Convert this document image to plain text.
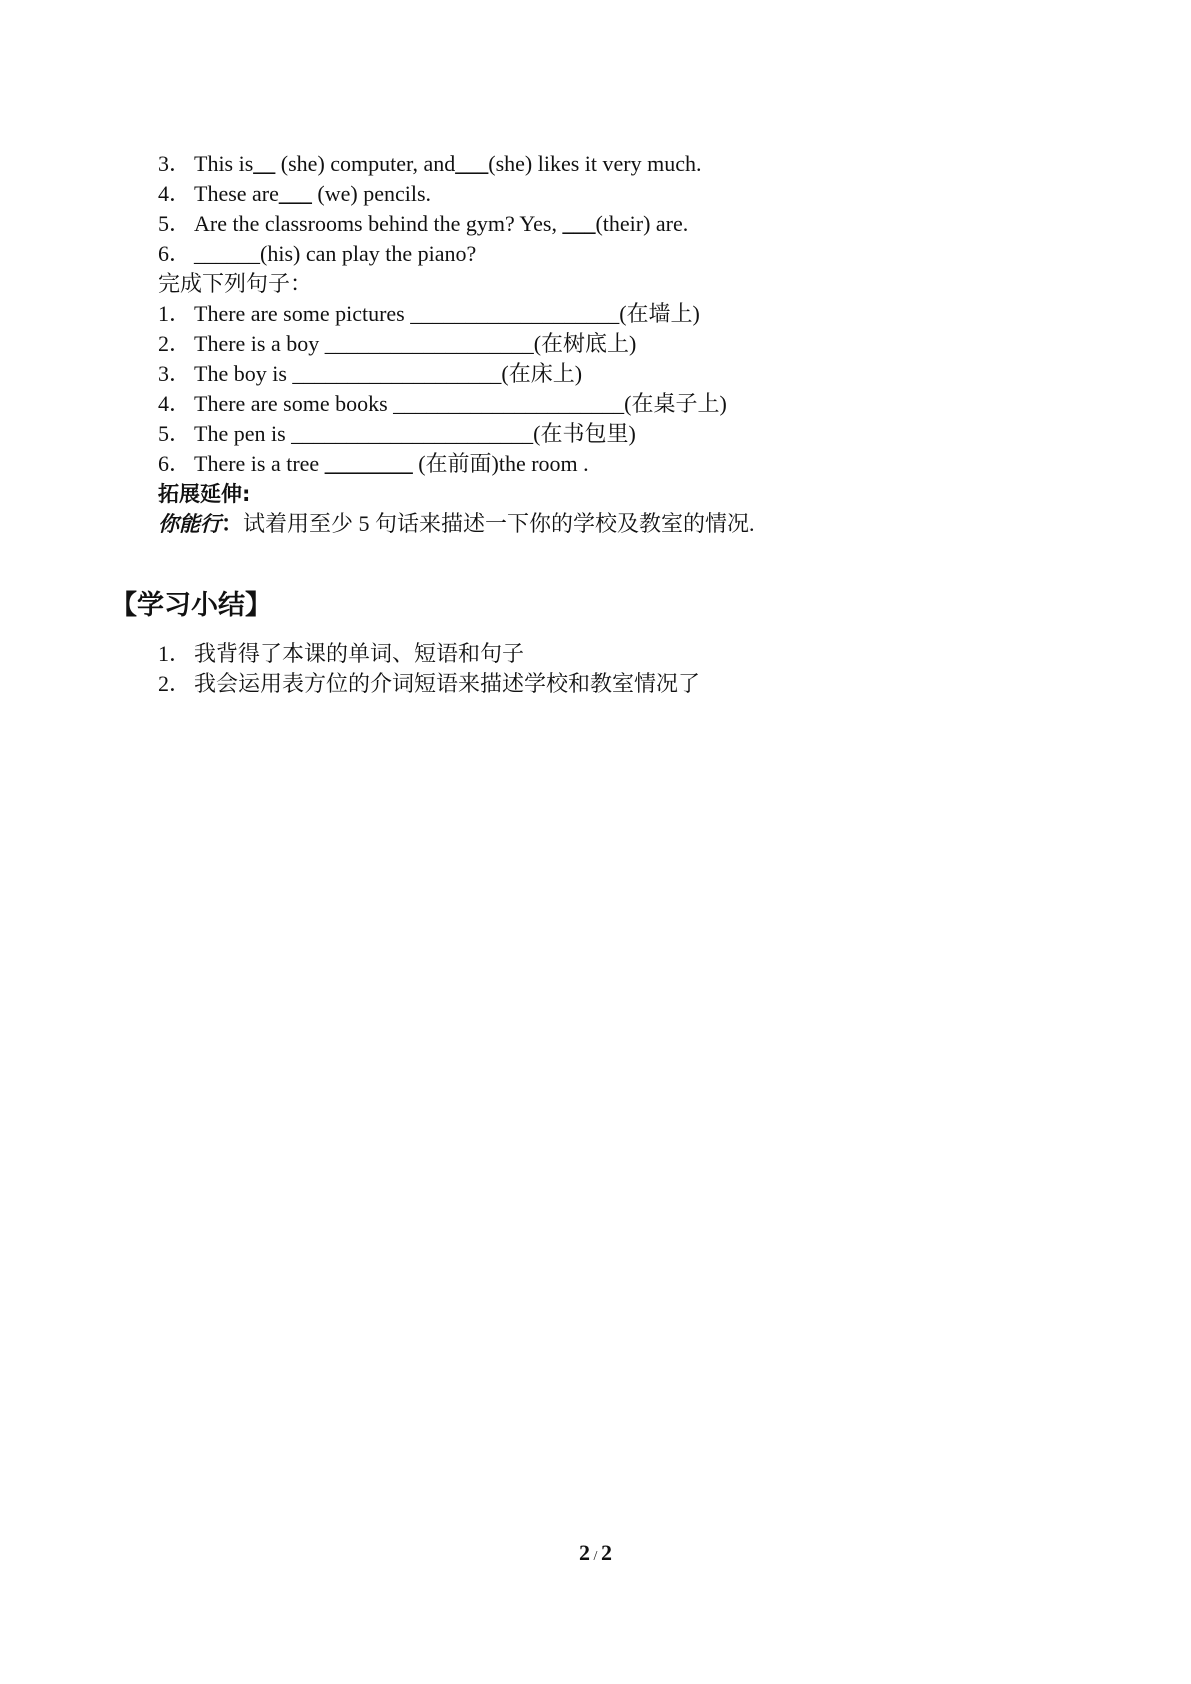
3． This is__ (she) computer, and___(she) likes it very much.
4． These are___ (we) pencils.
5． Are the classrooms behind the gym? Yes, ___(their) are.
6． ______(his) can play the piano?
完成下列句子：
1． There are some pictures ___________________(在墙上)
2． There is a boy ___________________(在树底上)
3． The boy is ___________________(在床上)
4． There are some books _____________________(在桌子上)
5． The pen is ______________________(在书包里)
6． There is a tree ________ (在前面)the room .
拓展延伸:
你能行：试着用至少 5 句话来描述一下你的学校及教室的情况.
【学习小结】
1． 我背得了本课的单词、短语和句子
2． 我会运用表方位的介词短语来描述学校和教室情况了
2 / 2
